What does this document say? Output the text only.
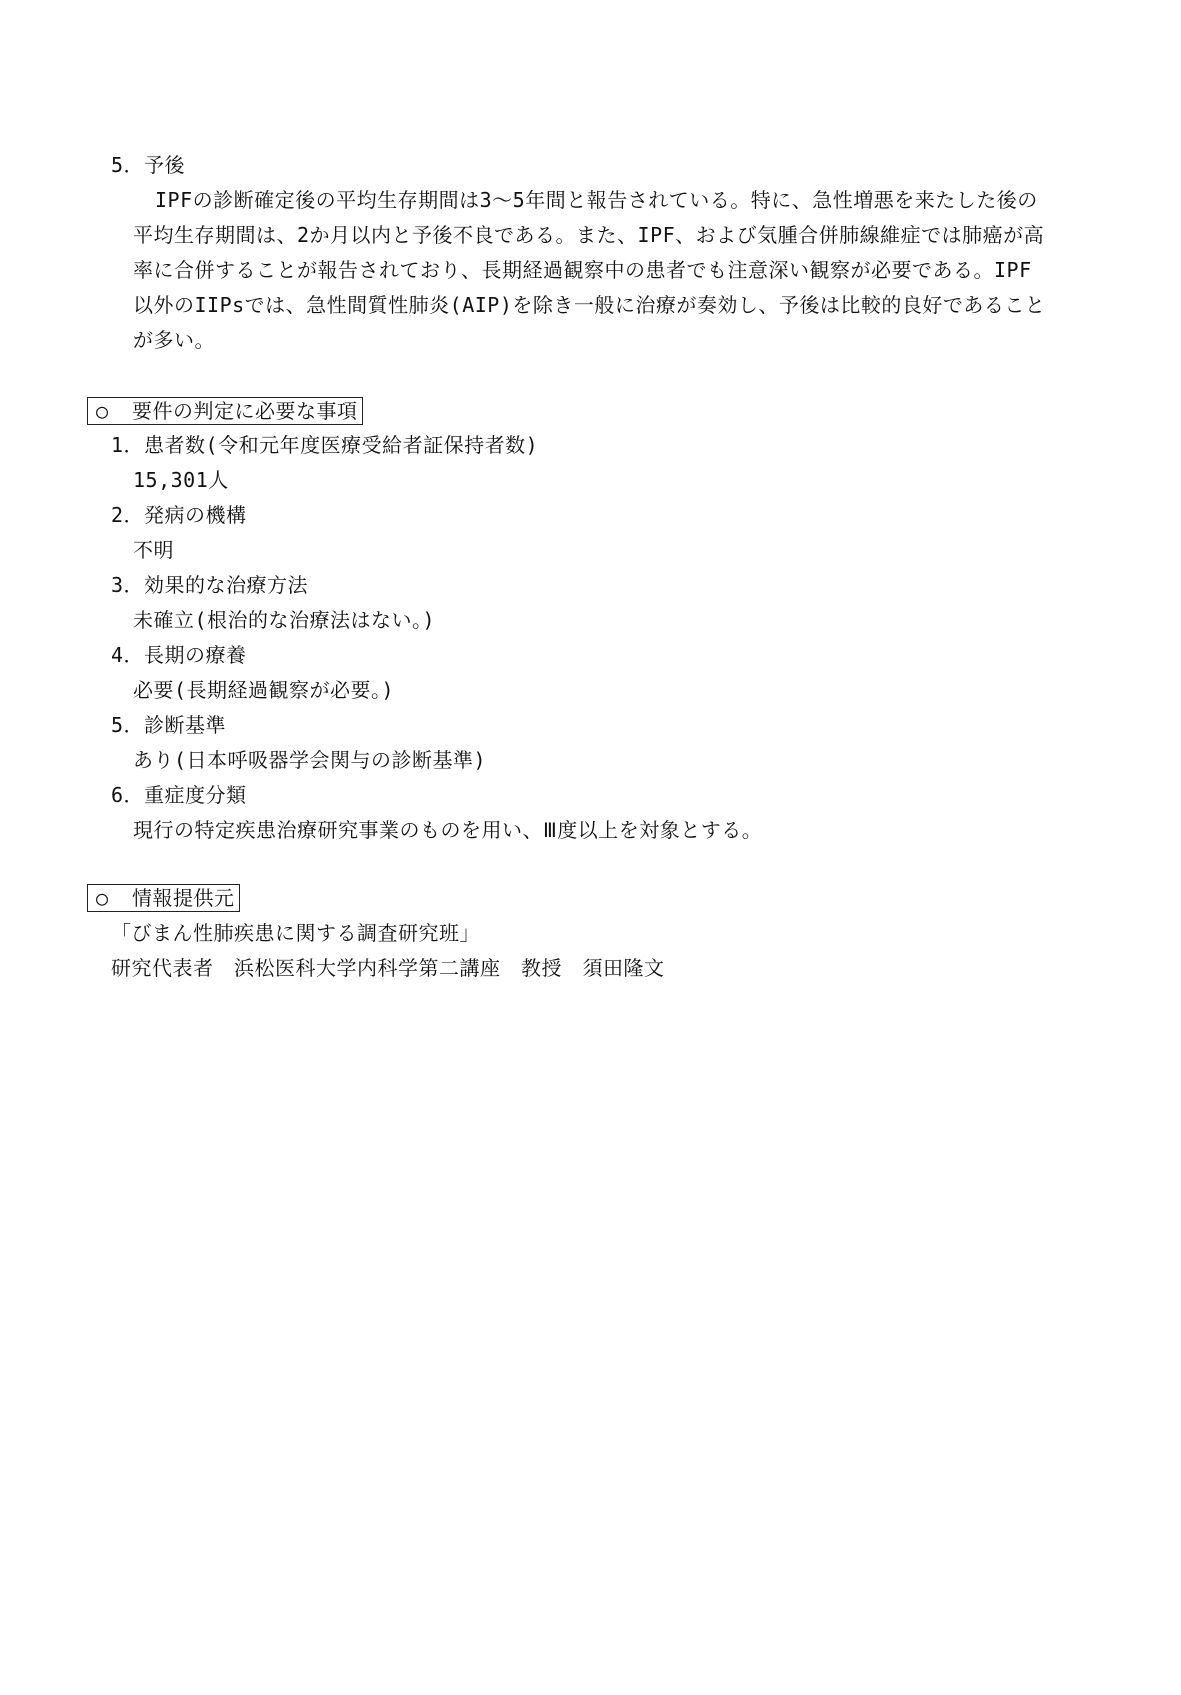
5．予後
IPFの診断確定後の平均生存期間は3～5年間と報告されている。特に、急性増悪を来たした後の
平均生存期間は、2か月以内と予後不良である。また、IPF、および気腫合併肺線維症では肺癌が高
率に合併することが報告されており、長期経過観察中の患者でも注意深い観察が必要である。IPF
以外のIIPsでは、急性間質性肺炎(AIP)を除き一般に治療が奏効し、予後は比較的良好であること
が多い。
○ 要件の判定に必要な事項
1．患者数(令和元年度医療受給者証保持者数)
15,301人
2．発病の機構
不明
3．効果的な治療方法
未確立(根治的な治療法はない。)
4．長期の療養
必要(長期経過観察が必要。)
5．診断基準
あり(日本呼吸器学会関与の診断基準)
6．重症度分類
現行の特定疾患治療研究事業のものを用い、Ⅲ度以上を対象とする。
○ 情報提供元
「びまん性肺疾患に関する調査研究班」
研究代表者　浜松医科大学内科学第二講座　教授　須田隆文
